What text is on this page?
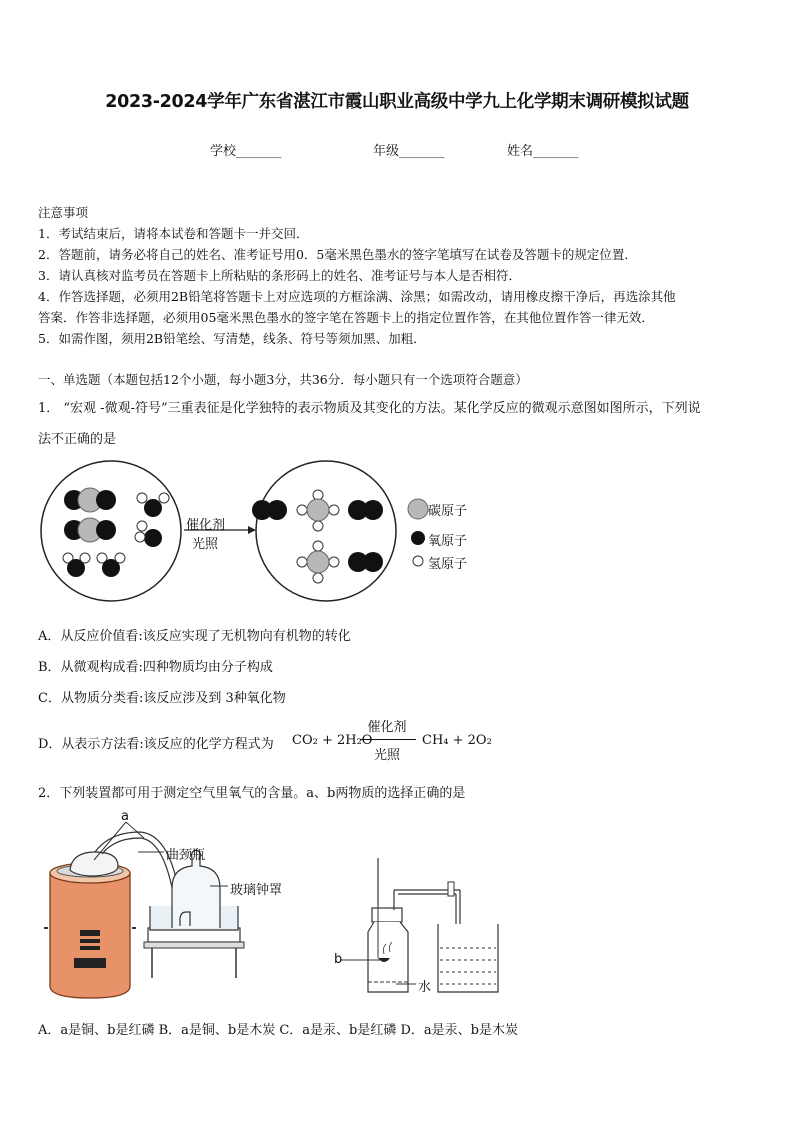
2023-2024学年广东省湛江市霞山职业高级中学九上化学期末调研模拟试题
学校_______	年级_______	姓名_______
注意事项
1．考试结束后，请将本试卷和答题卡一并交回．
2．答题前，请务必将自己的姓名、准考证号用0．5毫米黑色墨水的签字笔填写在试卷及答题卡的规定位置．
3．请认真核对监考员在答题卡上所粘贴的条形码上的姓名、准考证号与本人是否相符．
4．作答选择题，必须用2B铅笔将答题卡上对应选项的方框涂满、涂黑；如需改动，请用橡皮擦干净后，再选涂其他
答案．作答非选择题，必须用05毫米黑色墨水的签字笔在答题卡上的指定位置作答，在其他位置作答一律无效．
5．如需作图，须用2B铅笔绘、写清楚，线条、符号等须加黑、加粗．
一、单选题（本题包括12个小题，每小题3分，共36分．每小题只有一个选项符合题意）
1． “宏观 -微观-符号”三重表征是化学独特的表示物质及其变化的方法。某化学反应的微观示意图如图所示，下列说
法不正确的是
催化剂
光照
碳原子
氧原子
氢原子
A．从反应价值看:该反应实现了无机物向有机物的转化
B．从微观构成看:四种物质均由分子构成
C．从物质分类看:该反应涉及到 3种氧化物
D．从表示方法看:该反应的化学方程式为 CO₂ + 2H₂O
催化剂
光照
CH₄ + 2O₂
2．下列装置都可用于测定空气里氧气的含量。a、b两物质的选择正确的是
a
曲颈瓶
玻璃钟罩
b
水
A．a是铜、b是红磷 B．a是铜、b是木炭 C．a是汞、b是红磷 D．a是汞、b是木炭
